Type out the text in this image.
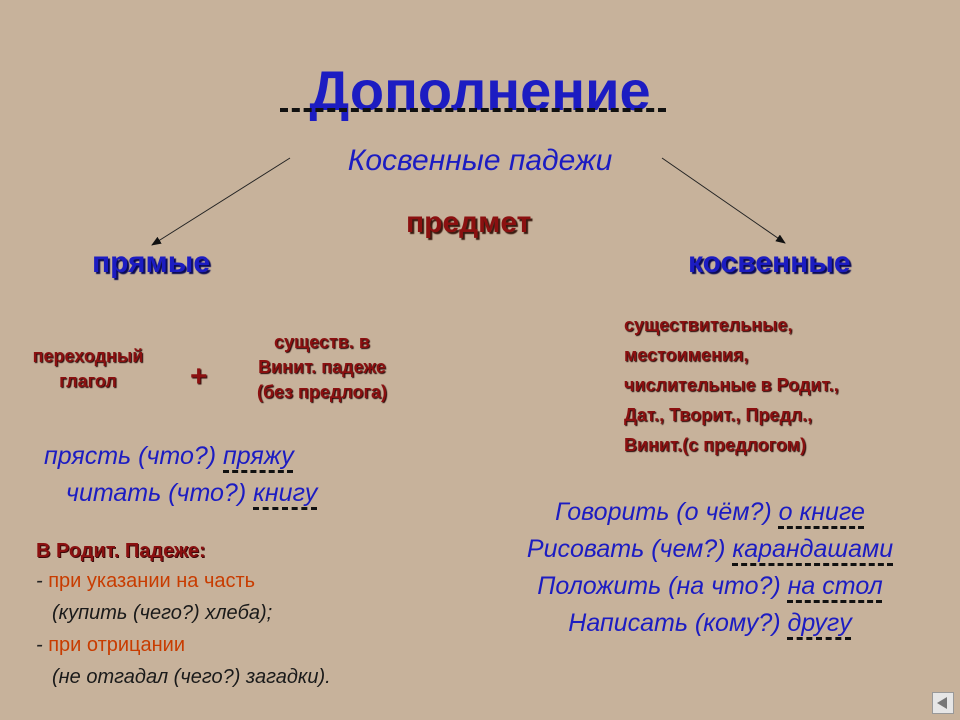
Дополнение
Косвенные падежи
предмет
прямые	косвенные
переходный
глагол	+
существ. в
Винит. падеже
(без предлога)
прясть (что?) пряжу
читать (что?) книгу
В Родит. Падеже:
- при указании на часть
(купить (чего?) хлеба);
- при отрицании
(не отгадал (чего?) загадки).
существительные,
местоимения,
числительные в Родит.,
Дат., Творит., Предл.,
Винит.(с предлогом)
Говорить (о чём?) о книге
Рисовать (чем?) карандашами
Положить (на что?) на стол
Написать (кому?) другу
